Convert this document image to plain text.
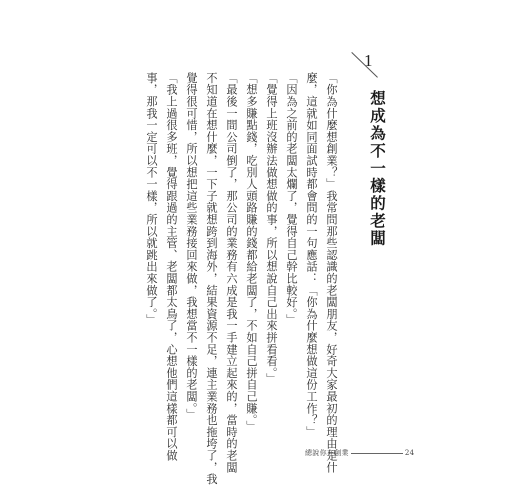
1
想成為不一樣的老闆
「你為什麼想創業？」我常問那些認識的老闆朋友，好奇大家最初的理由是什
麼，這就如同面試時都會問的一句應話：「你為什麼想做這份工作？」
「因為之前的老闆太爛了，覺得自己幹比較好。」
「覺得上班沒辦法做想做的事，所以想說自己出來拼看看。」
「想多賺點錢，吃別人頭路賺的錢都給老闆了，不如自己拼自己賺。」
「最後一間公司倒了，那公司的業務有六成是我一手建立起來的，當時的老闆
不知道在想什麼，一下子就想跨到海外，結果資源不足，連主業務也拖垮了，我
覺得很可惜，所以想把這些業務接回來做，我想當不一樣的老闆。」
「我上過很多班，覺得跟過的主管、老闆都太鳥了，心想他們這樣都可以做
事，那我一定可以不一樣，所以就跳出來做了。」
總說你在創業	24
